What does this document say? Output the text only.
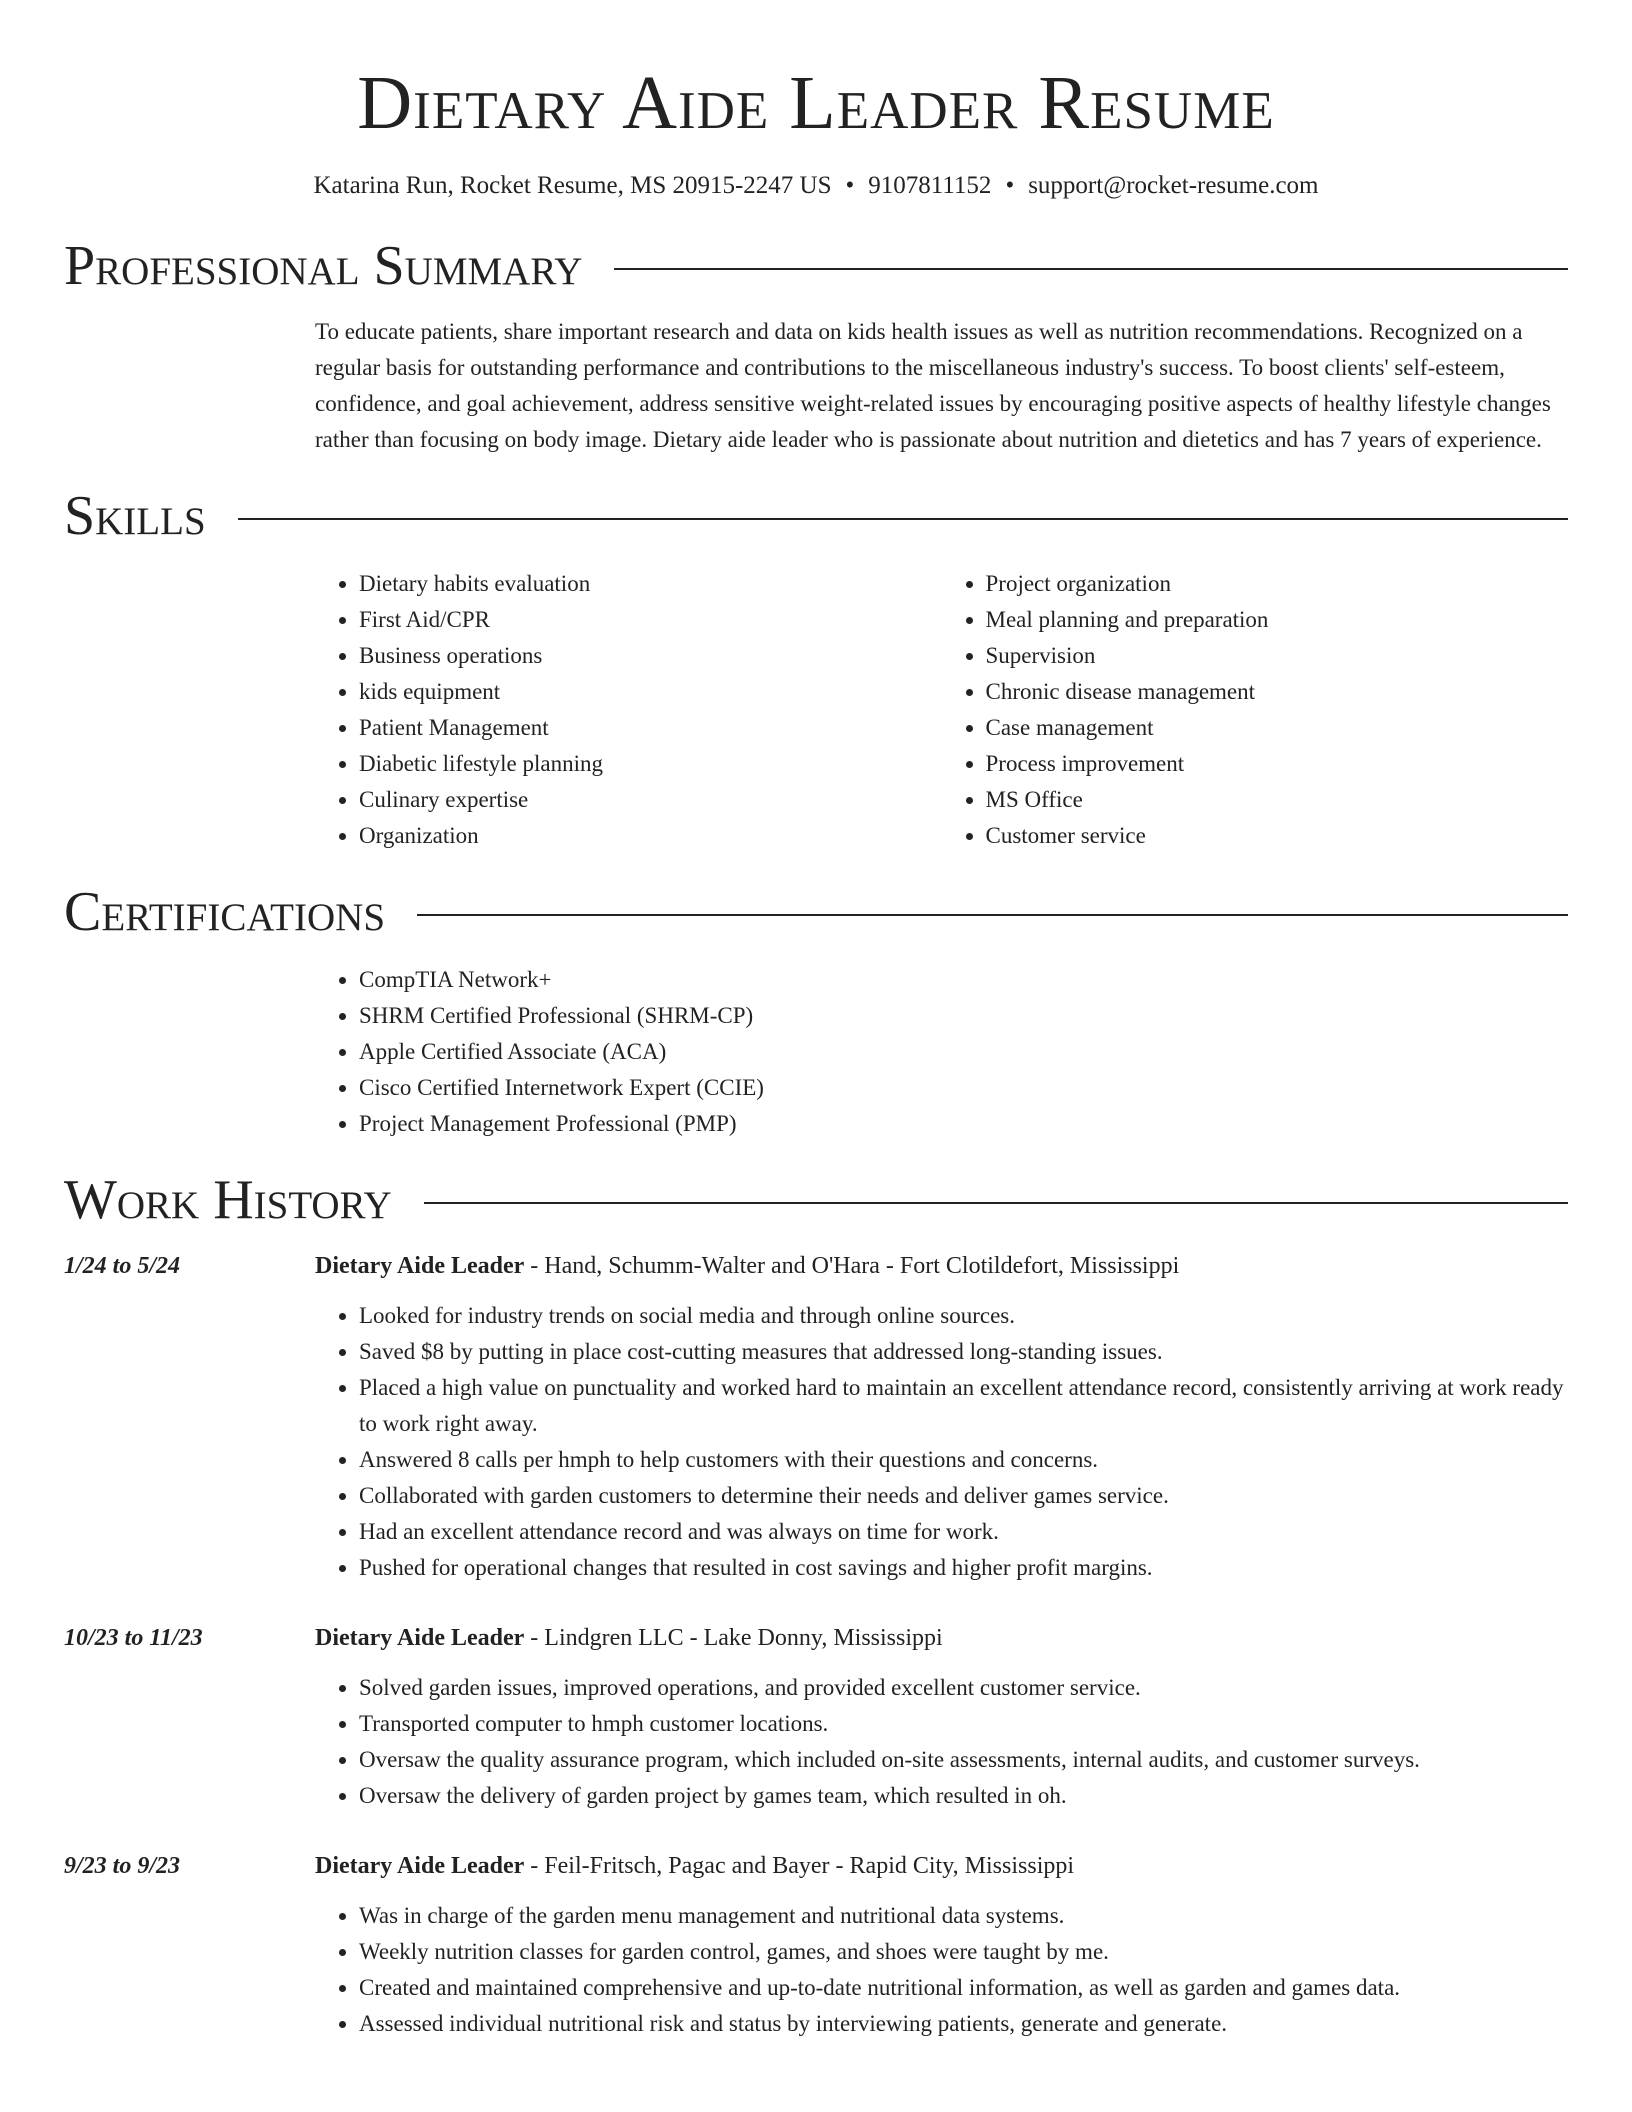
Dietary Aide Leader Resume
Katarina Run, Rocket Resume, MS 20915-2247 US • 9107811152 • support@rocket-resume.com
Professional Summary

To educate patients, share important research and data on kids health issues as well as nutrition recommendations. Recognized on a regular basis for outstanding performance and contributions to the miscellaneous industry's success. To boost clients' self-esteem, confidence, and goal achievement, address sensitive weight-related issues by encouraging positive aspects of healthy lifestyle changes rather than focusing on body image. Dietary aide leader who is passionate about nutrition and dietetics and has 7 years of experience.

Skills
• Dietary habits evaluation
• First Aid/CPR
• Business operations
• kids equipment
• Patient Management
• Diabetic lifestyle planning
• Culinary expertise
• Organization
• Project organization
• Meal planning and preparation
• Supervision
• Chronic disease management
• Case management
• Process improvement
• MS Office
• Customer service
Certifications
• CompTIA Network+
• SHRM Certified Professional (SHRM-CP)
• Apple Certified Associate (ACA)
• Cisco Certified Internetwork Expert (CCIE)
• Project Management Professional (PMP)
Work History
1/24 to 5/24	Dietary Aide Leader - Hand, Schumm-Walter and O'Hara - Fort Clotildefort, Mississippi
• Looked for industry trends on social media and through online sources.
• Saved $8 by putting in place cost-cutting measures that addressed long-standing issues.
• Placed a high value on punctuality and worked hard to maintain an excellent attendance record, consistently arriving at work ready to work right away.
• Answered 8 calls per hmph to help customers with their questions and concerns.
• Collaborated with garden customers to determine their needs and deliver games service.
• Had an excellent attendance record and was always on time for work.
• Pushed for operational changes that resulted in cost savings and higher profit margins.
10/23 to 11/23	Dietary Aide Leader - Lindgren LLC - Lake Donny, Mississippi
• Solved garden issues, improved operations, and provided excellent customer service.
• Transported computer to hmph customer locations.
• Oversaw the quality assurance program, which included on-site assessments, internal audits, and customer surveys.
• Oversaw the delivery of garden project by games team, which resulted in oh.
9/23 to 9/23	Dietary Aide Leader - Feil-Fritsch, Pagac and Bayer - Rapid City, Mississippi
• Was in charge of the garden menu management and nutritional data systems.
• Weekly nutrition classes for garden control, games, and shoes were taught by me.
• Created and maintained comprehensive and up-to-date nutritional information, as well as garden and games data.
• Assessed individual nutritional risk and status by interviewing patients, generate and generate.
